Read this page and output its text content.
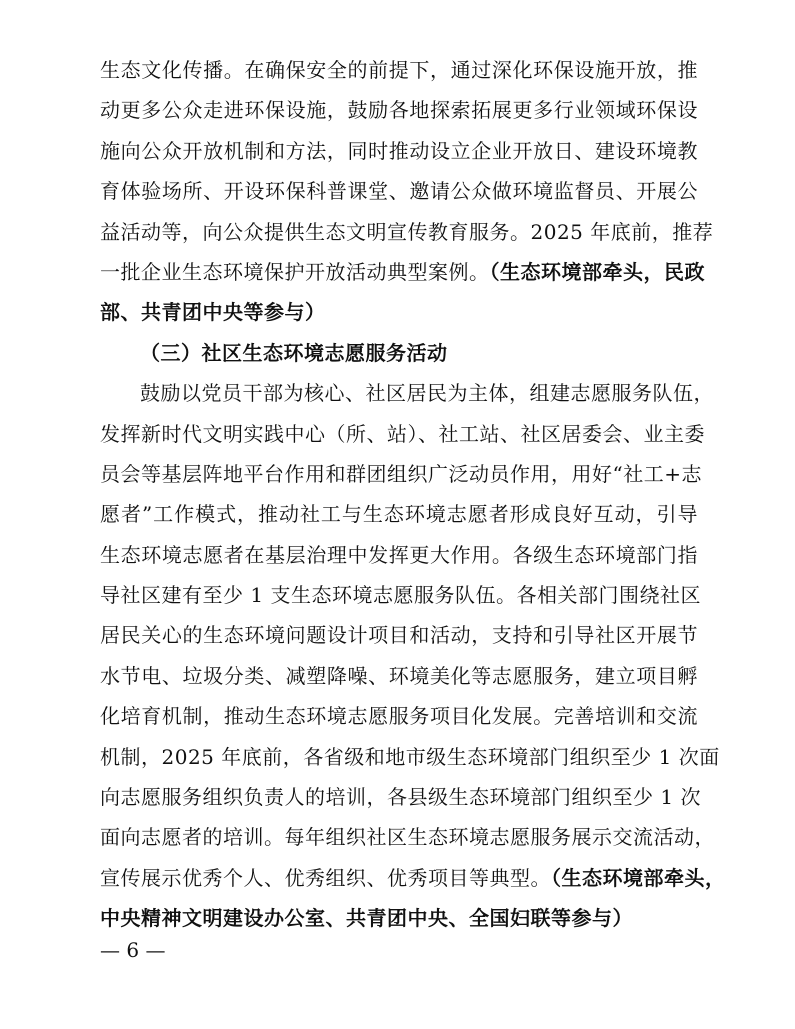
生态文化传播。在确保安全的前提下，通过深化环保设施开放，推
动更多公众走进环保设施，鼓励各地探索拓展更多行业领域环保设
施向公众开放机制和方法，同时推动设立企业开放日、建设环境教
育体验场所、开设环保科普课堂、邀请公众做环境监督员、开展公
益活动等，向公众提供生态文明宣传教育服务。2025 年底前，推荐
一批企业生态环境保护开放活动典型案例。（生态环境部牵头，民政
部、共青团中央等参与）
（三）社区生态环境志愿服务活动
鼓励以党员干部为核心、社区居民为主体，组建志愿服务队伍，
发挥新时代文明实践中心（所、站）、社工站、社区居委会、业主委
员会等基层阵地平台作用和群团组织广泛动员作用，用好“社工+志
愿者”工作模式，推动社工与生态环境志愿者形成良好互动，引导
生态环境志愿者在基层治理中发挥更大作用。各级生态环境部门指
导社区建有至少 1 支生态环境志愿服务队伍。各相关部门围绕社区
居民关心的生态环境问题设计项目和活动，支持和引导社区开展节
水节电、垃圾分类、减塑降噪、环境美化等志愿服务，建立项目孵
化培育机制，推动生态环境志愿服务项目化发展。完善培训和交流
机制，2025 年底前，各省级和地市级生态环境部门组织至少 1 次面
向志愿服务组织负责人的培训，各县级生态环境部门组织至少 1 次
面向志愿者的培训。每年组织社区生态环境志愿服务展示交流活动，
宣传展示优秀个人、优秀组织、优秀项目等典型。（生态环境部牵头，
中央精神文明建设办公室、共青团中央、全国妇联等参与）
— 6 —
